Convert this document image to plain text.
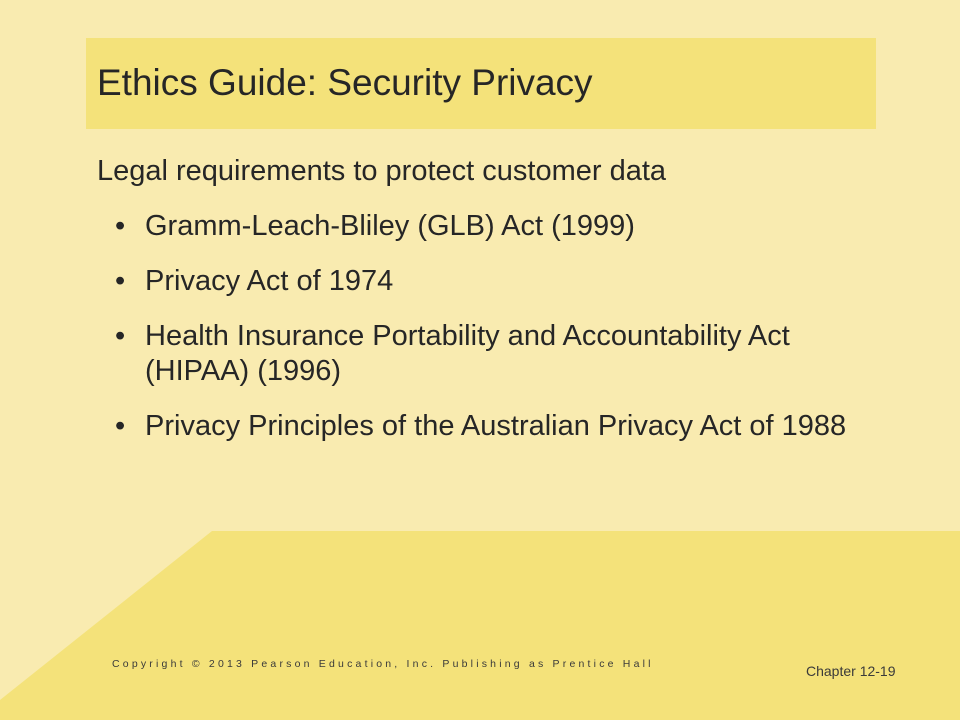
Ethics Guide: Security Privacy
Legal requirements to protect customer data
• Gramm-Leach-Bliley (GLB) Act (1999)
• Privacy Act of 1974
• Health Insurance Portability and Accountability Act (HIPAA) (1996)
• Privacy Principles of the Australian Privacy Act of 1988
Copyright © 2013 Pearson Education, Inc. Publishing as Prentice Hall	Chapter 12-19
